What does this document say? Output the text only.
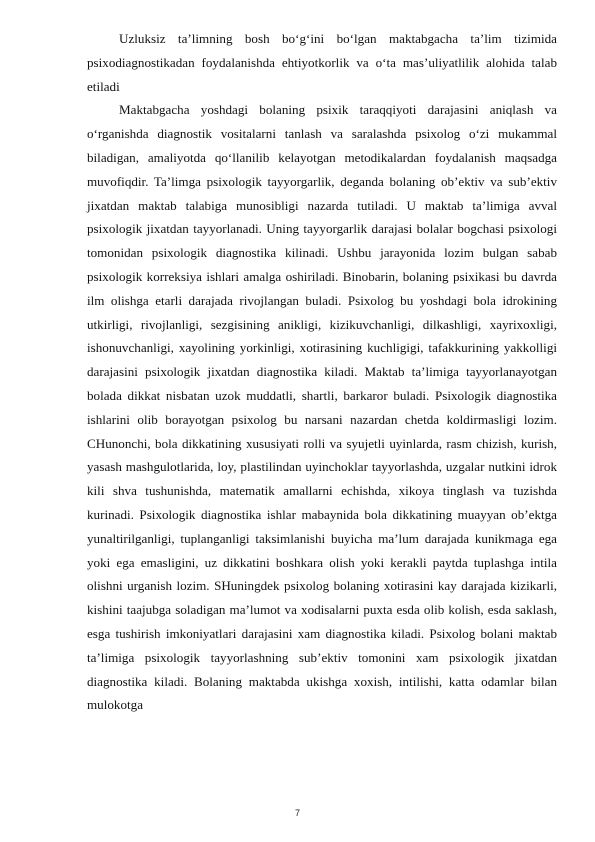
Uzluksiz ta’limning bosh bo‘g‘ini bo‘lgan maktabgacha ta’lim tizimida psixodiagnostikadan foydalanishda ehtiyotkorlik va o‘ta mas’uliyatlilik alohida talab etiladi

Maktabgacha yoshdagi bolaning psixik taraqqiyoti darajasini aniqlash va o‘rganishda diagnostik vositalarni tanlash va saralashda psixolog o‘zi mukammal biladigan, amaliyotda qo‘llanilib kelayotgan metodikalardan foydalanish maqsadga muvofiqdir. Ta’limga psixologik tayyorgarlik, deganda bolaning ob’ektiv va sub’ektiv jixatdan maktab talabiga munosibligi nazarda tutiladi. U maktab ta’limiga avval psixologik jixatdan tayyorlanadi. Uning tayyorgarlik darajasi bolalar bogchasi psixologi tomonidan psixologik diagnostika kilinadi. Ushbu jarayonida lozim bulgan sabab psixologik korreksiya ishlari amalga oshiriladi. Binobarin, bolaning psixikasi bu davrda ilm olishga etarli darajada rivojlangan buladi. Psixolog bu yoshdagi bola idrokining utkirligi, rivojlanligi, sezgisining anikligi, kizikuvchanligi, dilkashligi, xayrixoxligi, ishonuvchanligi, xayolining yorkinligi, xotirasining kuchligigi, tafakkurining yakkolligi darajasini psixologik jixatdan diagnostika kiladi. Maktab ta’limiga tayyorlanayotgan bolada dikkat nisbatan uzok muddatli, shartli, barkaror buladi. Psixologik diagnostika ishlarini olib borayotgan psixolog bu narsani nazardan chetda koldirmasligi lozim. CHunonchi, bola dikkatining xususiyati rolli va syujetli uyinlarda, rasm chizish, kurish, yasash mashgulotlarida, loy, plastilindan uyinchoklar tayyorlashda, uzgalar nutkini idrok kili shva tushunishda, matematik amallarni echishda, xikoya tinglash va tuzishda kurinadi. Psixologik diagnostika ishlar mabaynida bola dikkatining muayyan ob’ektga yunaltirilganligi, tuplanganligi taksimlanishi buyicha ma’lum darajada kunikmaga ega yoki ega emasligini, uz dikkatini boshkara olish yoki kerakli paytda tuplashga intila olishni urganish lozim. SHuningdek psixolog bolaning xotirasini kay darajada kizikarli, kishini taajubga soladigan ma’lumot va xodisalarni puxta esda olib kolish, esda saklash, esga tushirish imkoniyatlari darajasini xam diagnostika kiladi. Psixolog bolani maktab ta’limiga psixologik tayyorlashning sub’ektiv tomonini xam psixologik jixatdan diagnostika kiladi. Bolaning maktabda ukishga xoxish, intilishi, katta odamlar bilan mulokotga

7
